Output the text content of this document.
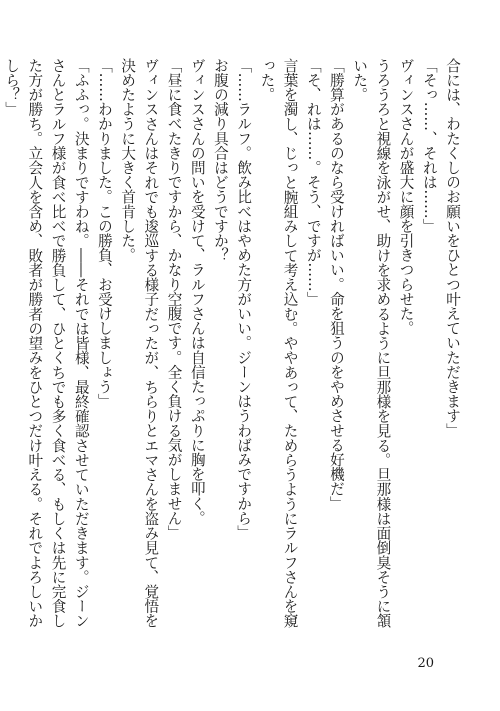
合には、わたくしのお願いをひとつ叶えていただきます」

「そっ……、それは……」

ヴィンスさんが盛大に顔を引きつらせた。

うろうろと視線を泳がせ、助けを求めるように旦那様を見る。旦那様は面倒臭そうに頷いた。

「勝算があるのなら受ければいい。命を狙うのをやめさせる好機だ」

「そ、れは……。そう、ですが……」

言葉を濁し、じっと腕組みして考え込む。ややあって、ためらうようにラルフさんを窺った。

「……ラルフ。飲み比べはやめた方がいい。ジーンはうわばみですから」

お腹の減り具合はどうですか？

ヴィンスさんの問いを受けて、ラルフさんは自信たっぷりに胸を叩く。

「昼に食べたきりですから、かなり空腹です。全く負ける気がしません」

ヴィンスさんはそれでも逡巡する様子だったが、ちらりとエマさんを盗み見て、覚悟を決めたように大きく首肯した。

「……わかりました。この勝負、お受けしましょう」

「ふふっ。決まりですわね。――それでは皆様、最終確認させていただきます。ジーンさんとラルフ様が食べ比べで勝負して、ひとくちでも多く食べる、もしくは先に完食した方が勝ち。立会人を含め、敗者が勝者の望みをひとつだけ叶える。それでよろしいかしら？」

20
